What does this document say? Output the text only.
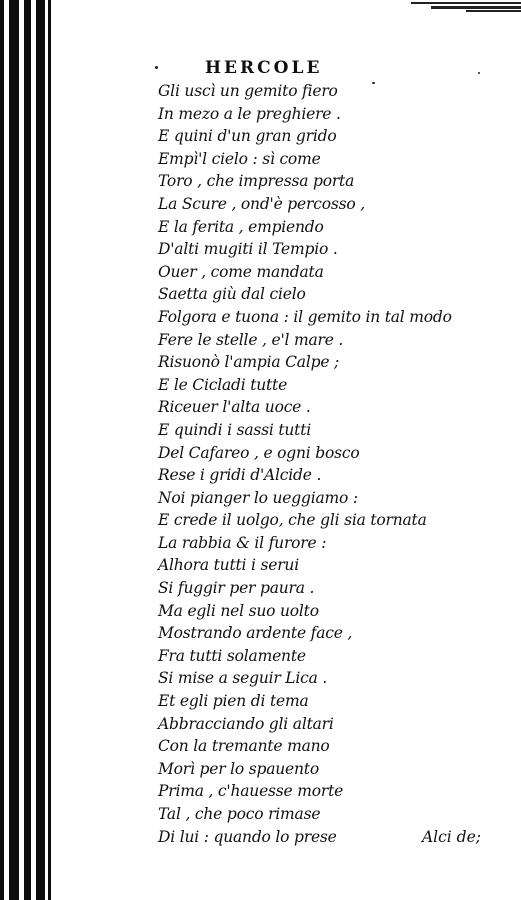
HERCOLE
Gli uscì un gemito fiero
In mezo a le preghiere .
E quini d'un gran grido
Empì'l cielo : sì come
Toro , che impressa porta
La Scure , ond'è percosso ,
E la ferita , empiendo
D'alti mugiti il Tempio .
Ouer , come mandata
Saetta giù dal cielo
Folgora e tuona : il gemito in tal modo
Fere le stelle , e'l mare .
Risuonò l'ampia Calpe ;
E le Cicladi tutte
Riceuer l'alta uoce .
E quindi i sassi tutti
Del Cafareo , e ogni bosco
Rese i gridi d'Alcide .
Noi pianger lo ueggiamo :
E crede il uolgo, che gli sia tornata
La rabbia & il furore :
Alhora tutti i serui
Si fuggir per paura .
Ma egli nel suo uolto
Mostrando ardente face ,
Fra tutti solamente
Si mise a seguir Lica .
Et egli pien di tema
Abbracciando gli altari
Con la tremante mano
Morì per lo spauento
Prima , c'hauesse morte
Tal , che poco rimase
Di lui : quando lo prese	Alci de;
